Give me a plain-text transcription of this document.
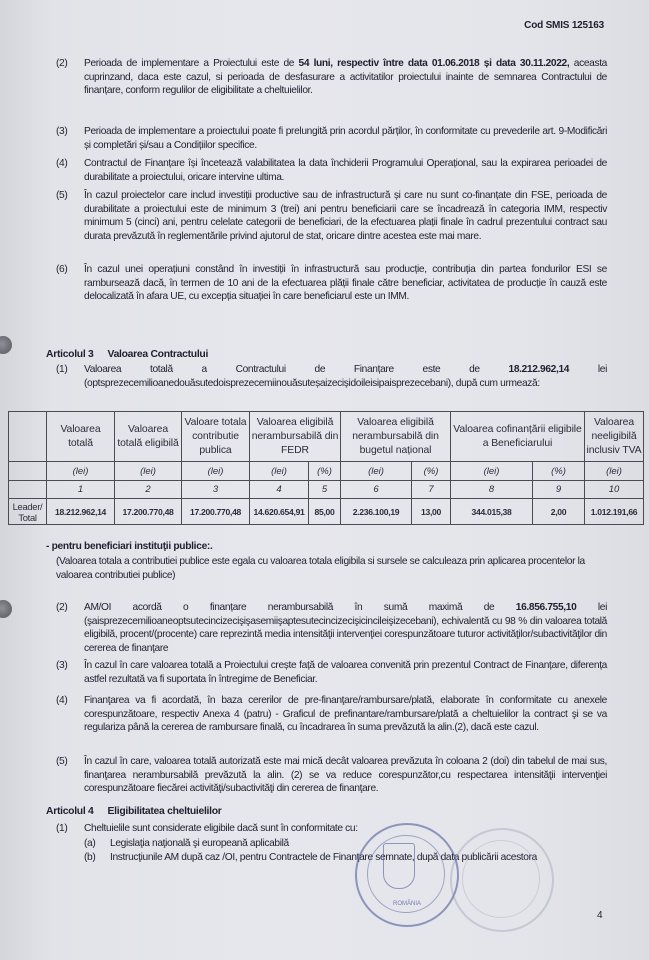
Cod SMIS 125163
(2)	Perioada de implementare a Proiectului este de 54 luni, respectiv între data 01.06.2018 și data 30.11.2022, aceasta cuprinzand, daca este cazul, si perioada de desfasurare a activitatilor proiectului inainte de semnarea Contractului de finanțare, conform regulilor de eligibilitate a cheltuielilor.
(3)	Perioada de implementare a proiectului poate fi prelungită prin acordul părților, în conformitate cu prevederile art. 9-Modificări și completări și/sau a Condițiilor specifice.
(4)	Contractul de Finanțare își încetează valabilitatea la data închiderii Programului Operațional, sau la expirarea perioadei de durabilitate a proiectului, oricare intervine ultima.
(5)	În cazul proiectelor care includ investiții productive sau de infrastructură și care nu sunt co-finanțate din FSE, perioada de durabilitate a proiectului este de minimum 3 (trei) ani pentru beneficiarii care se încadrează în categoria IMM, respectiv minimum 5 (cinci) ani, pentru celelate categorii de beneficiari, de la efectuarea plații finale în cadrul prezentului contract sau durata prevăzută în reglementările privind ajutorul de stat, oricare dintre acestea este mai mare.
(6)	În cazul unei operațiuni constând în investiții în infrastructură sau producție, contribuția din partea fondurilor ESI se rambursează dacă, în termen de 10 ani de la efectuarea plății finale către beneficiar, activitatea de producție în cauză este delocalizată în afara UE, cu excepția situației în care beneficiarul este un IMM.
Articolul 3 Valoarea Contractului
(1)	Valoarea totală a Contractului de Finanțare este de 18.212.962,14 lei (optsprezecemilioanedouăsutedoisprezecemiinouăsuteșaizecișidoileisipaisprezecebani), după cum urmează:
	Valoarea totală	Valoarea totală eligibilă	Valoare totala contributie publica	Valoarea eligibilă nerambursabilă din FEDR		Valoarea eligibilă nerambursabilă din bugetul național		Valoarea cofinanțării eligibile a Beneficiarului		Valoarea neeligibilă inclusiv TVA
	(lei)	(lei)	(lei)	(lei)	(%)	(lei)	(%)	(lei)	(%)	(lei)
	1	2	3	4	5	6	7	8	9	10
Leader/ Total	18.212.962,14	17.200.770,48	17.200.770,48	14.620.654,91	85,00	2.236.100,19	13,00	344.015,38	2,00	1.012.191,66
- pentru beneficiari instituţii publice:.
(Valoarea totala a contributiei publice este egala cu valoarea totala eligibila si sursele se calculeaza prin aplicarea procentelor la valoarea contributiei publice)
(2)	AM/OI acordă o finanțare nerambursabilă în sumă maximă de 16.856.755,10 lei (şaisprezecemilioaneoptsutecincizecişişasemiişaptesutecincizecişicincileişizecebani), echivalentă cu 98 % din valoarea totală eligibilă, procent/(procente) care reprezintă media intensităţii intervenţiei corespunzătoare tuturor activităţilor/subactivităţilor din cererea de finanţare
(3)	În cazul în care valoarea totală a Proiectului crește față de valoarea convenită prin prezentul Contract de Finanțare, diferența astfel rezultată va fi suportata în întregime de Beneficiar.
(4)	Finanţarea va fi acordată, în baza cererilor de pre-finanţare/rambursare/plată, elaborate în conformitate cu anexele corespunzătoare, respectiv Anexa 4 (patru) - Graficul de prefinantare/rambursare/plată a cheltuielilor la contract şi se va regulariza până la cererea de rambursare finală, cu încadrarea în suma prevăzută la alin.(2), dacă este cazul.
(5)	În cazul în care, valoarea totală autorizată este mai mică decât valoarea prevăzuta în coloana 2 (doi) din tabelul de mai sus, finanţarea nerambursabilă prevăzută la alin. (2) se va reduce corespunzător,cu respectarea intensităţii intervenţiei corespunzătoare fiecărei activităţi/subactivităţi din cererea de finanţare.
Articolul 4 Eligibilitatea cheltuielilor
(1)	Cheltuielile sunt considerate eligibile dacă sunt în conformitate cu:
(a) Legislaţia naţională şi europeană aplicabilă
(b) Instrucţiunile AM după caz /OI, pentru Contractele de Finanţare semnate, după data publicării acestora
ROMÂNIA
4
